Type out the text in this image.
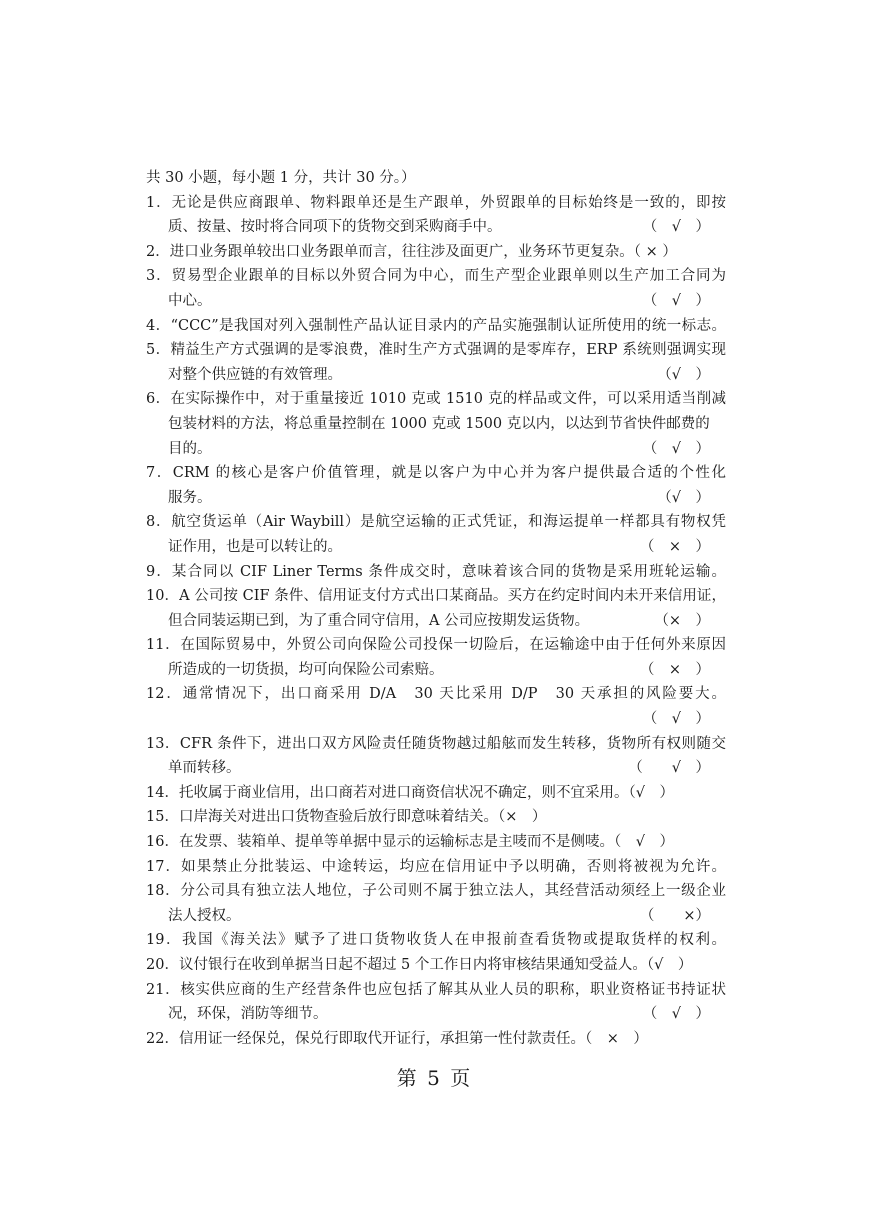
共 30 小题，每小题 1 分，共计 30 分。）
1．无论是供应商跟单、物料跟单还是生产跟单，外贸跟单的目标始终是一致的，即按
质、按量、按时将合同项下的货物交到采购商手中。	（　√　）
2．进口业务跟单较出口业务跟单而言，往往涉及面更广，业务环节更复杂。（ × ）
3．贸易型企业跟单的目标以外贸合同为中心，而生产型企业跟单则以生产加工合同为
中心。	（　√　）
4．“CCC”是我国对列入强制性产品认证目录内的产品实施强制认证所使用的统一标志。
5．精益生产方式强调的是零浪费，准时生产方式强调的是零库存，ERP 系统则强调实现
对整个供应链的有效管理。	（√　）
6．在实际操作中，对于重量接近 1010 克或 1510 克的样品或文件，可以采用适当削减
包装材料的方法，将总重量控制在 1000 克或 1500 克以内，以达到节省快件邮费的
目的。	（　√　）
7．CRM 的核心是客户价值管理，就是以客户为中心并为客户提供最合适的个性化
服务。	（√　）
8．航空货运单（Air Waybill）是航空运输的正式凭证，和海运提单一样都具有物权凭
证作用，也是可以转让的。	（　×　）
9．某合同以 CIF Liner Terms 条件成交时，意味着该合同的货物是采用班轮运输。
10．A 公司按 CIF 条件、信用证支付方式出口某商品。买方在约定时间内未开来信用证，
但合同装运期已到，为了重合同守信用，A 公司应按期发运货物。	（×　）
11．在国际贸易中，外贸公司向保险公司投保一切险后，在运输途中由于任何外来原因
所造成的一切货损，均可向保险公司索赔。	（　×　）
12．通常情况下，出口商采用 D/A　30 天比采用 D/P　30 天承担的风险要大。
（　√　）
13．CFR 条件下，进出口双方风险责任随货物越过船舷而发生转移，货物所有权则随交
单而转移。	（　　√　）
14．托收属于商业信用，出口商若对进口商资信状况不确定，则不宜采用。（√　）
15．口岸海关对进出口货物查验后放行即意味着结关。（×　）
16．在发票、装箱单、提单等单据中显示的运输标志是主唛而不是侧唛。（　√　）
17．如果禁止分批装运、中途转运，均应在信用证中予以明确，否则将被视为允许。
18．分公司具有独立法人地位，子公司则不属于独立法人，其经营活动须经上一级企业
法人授权。	（　　×）
19．我国《海关法》赋予了进口货物收货人在申报前查看货物或提取货样的权利。
20．议付银行在收到单据当日起不超过 5 个工作日内将审核结果通知受益人。（√　）
21．核实供应商的生产经营条件也应包括了解其从业人员的职称，职业资格证书持证状
况，环保，消防等细节。	（　√　）
22．信用证一经保兑，保兑行即取代开证行，承担第一性付款责任。（　×　）
第 5 页
